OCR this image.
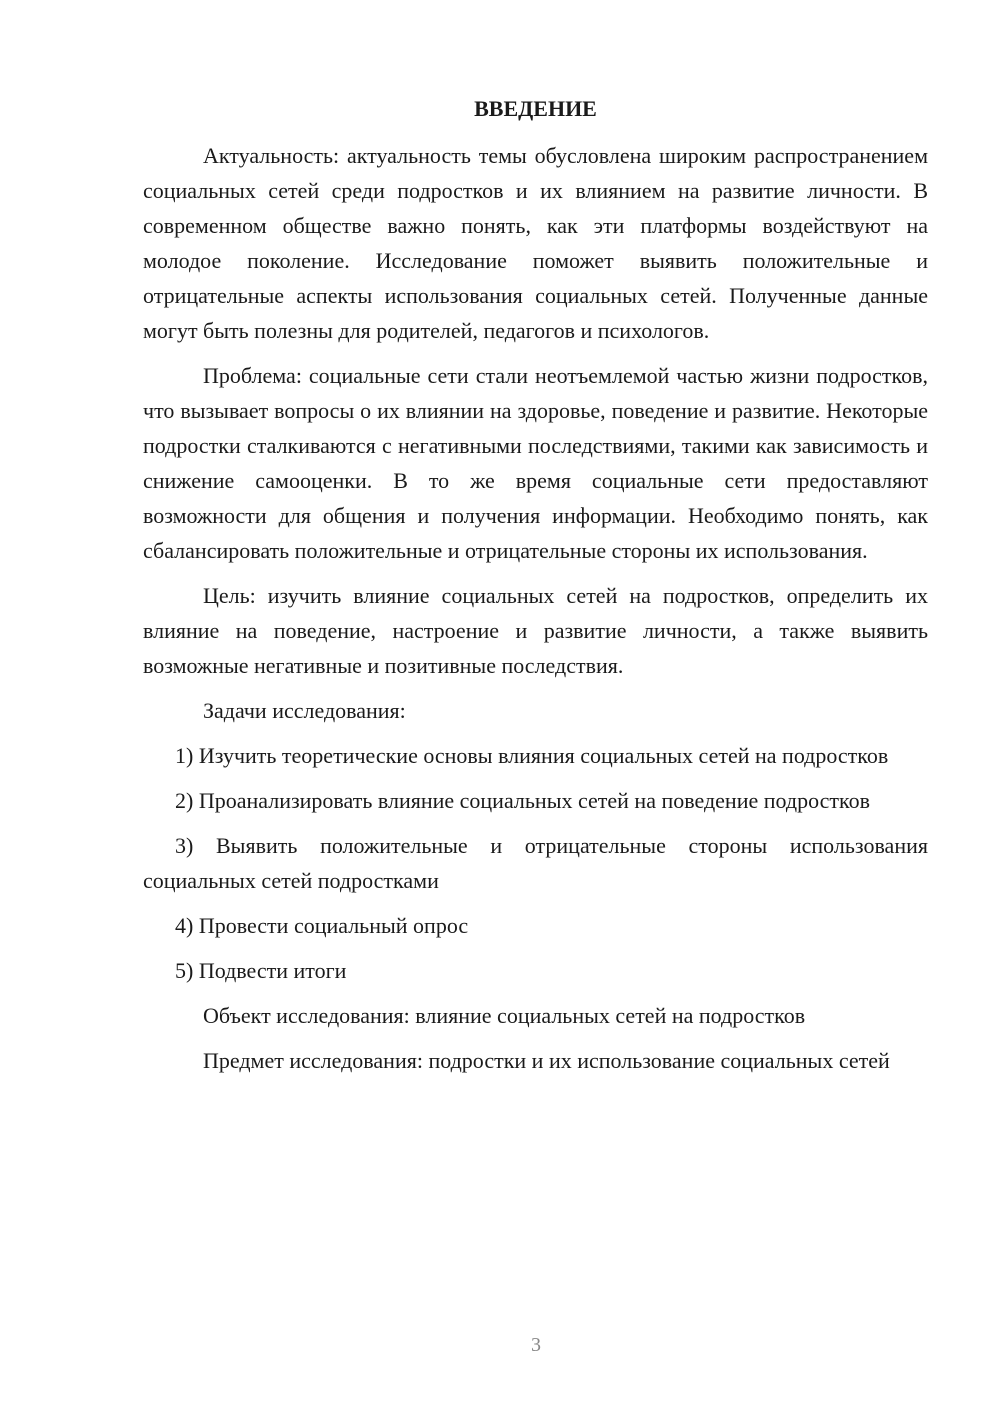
ВВЕДЕНИЕ

Актуальность: актуальность темы обусловлена широким распространением социальных сетей среди подростков и их влиянием на развитие личности. В современном обществе важно понять, как эти платформы воздействуют на молодое поколение. Исследование поможет выявить положительные и отрицательные аспекты использования социальных сетей. Полученные данные могут быть полезны для родителей, педагогов и психологов.

Проблема: социальные сети стали неотъемлемой частью жизни подростков, что вызывает вопросы о их влиянии на здоровье, поведение и развитие. Некоторые подростки сталкиваются с негативными последствиями, такими как зависимость и снижение самооценки. В то же время социальные сети предоставляют возможности для общения и получения информации. Необходимо понять, как сбалансировать положительные и отрицательные стороны их использования.

Цель: изучить влияние социальных сетей на подростков, определить их влияние на поведение, настроение и развитие личности, а также выявить возможные негативные и позитивные последствия.

Задачи исследования:

1) Изучить теоретические основы влияния социальных сетей на подростков

2) Проанализировать влияние социальных сетей на поведение подростков

3) Выявить положительные и отрицательные стороны использования социальных сетей подростками

4) Провести социальный опрос

5) Подвести итоги

Объект исследования: влияние социальных сетей на подростков

Предмет исследования: подростки и их использование социальных сетей

3
